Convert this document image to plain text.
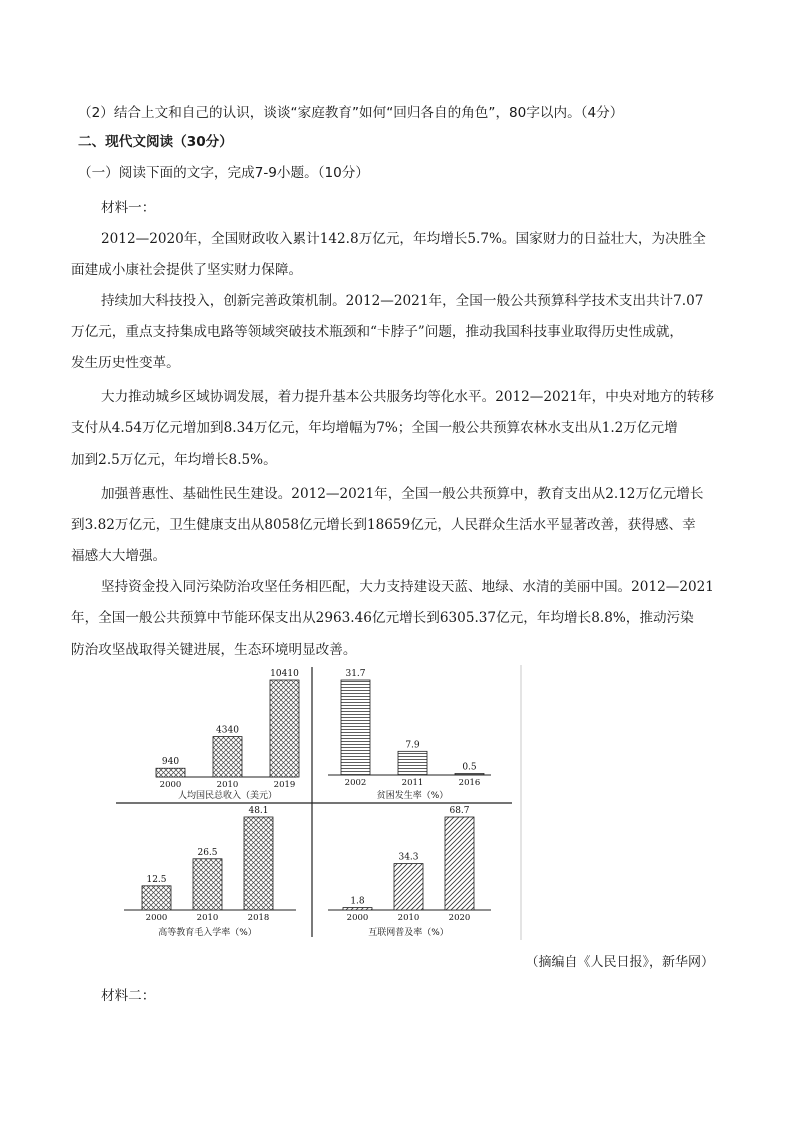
（2）结合上文和自己的认识，谈谈“家庭教育”如何“回归各自的角色”，80字以内。（4分）
二、现代文阅读（30分）
（一）阅读下面的文字，完成7-9小题。（10分）
材料一：
2012—2020年，全国财政收入累计142.8万亿元，年均增长5.7%。国家财力的日益壮大，为决胜全
面建成小康社会提供了坚实财力保障。
持续加大科技投入，创新完善政策机制。2012—2021年，全国一般公共预算科学技术支出共计7.07
万亿元，重点支持集成电路等领域突破技术瓶颈和“卡脖子”问题，推动我国科技事业取得历史性成就，
发生历史性变革。
大力推动城乡区域协调发展，着力提升基本公共服务均等化水平。2012—2021年，中央对地方的转移
支付从4.54万亿元增加到8.34万亿元，年均增幅为7%；全国一般公共预算农林水支出从1.2万亿元增
加到2.5万亿元，年均增长8.5%。
加强普惠性、基础性民生建设。2012—2021年，全国一般公共预算中，教育支出从2.12万亿元增长
到3.82万亿元，卫生健康支出从8058亿元增长到18659亿元，人民群众生活水平显著改善，获得感、幸
福感大大增强。
坚持资金投入同污染防治攻坚任务相匹配，大力支持建设天蓝、地绿、水清的美丽中国。2012—2021
年，全国一般公共预算中节能环保支出从2963.46亿元增长到6305.37亿元，年均增长8.8%，推动污染
防治攻坚战取得关键进展，生态环境明显改善。
940
2000
4340
2010
10410
2019
人均国民总收入（美元）
31.7
2002
7.9
2011
0.5
2016
贫困发生率（%）
12.5
2000
26.5
2010
48.1
2018
高等教育毛入学率（%）
1.8
2000
34.3
2010
68.7
2020
互联网普及率（%）
（摘编自《人民日报》，新华网）
材料二：
